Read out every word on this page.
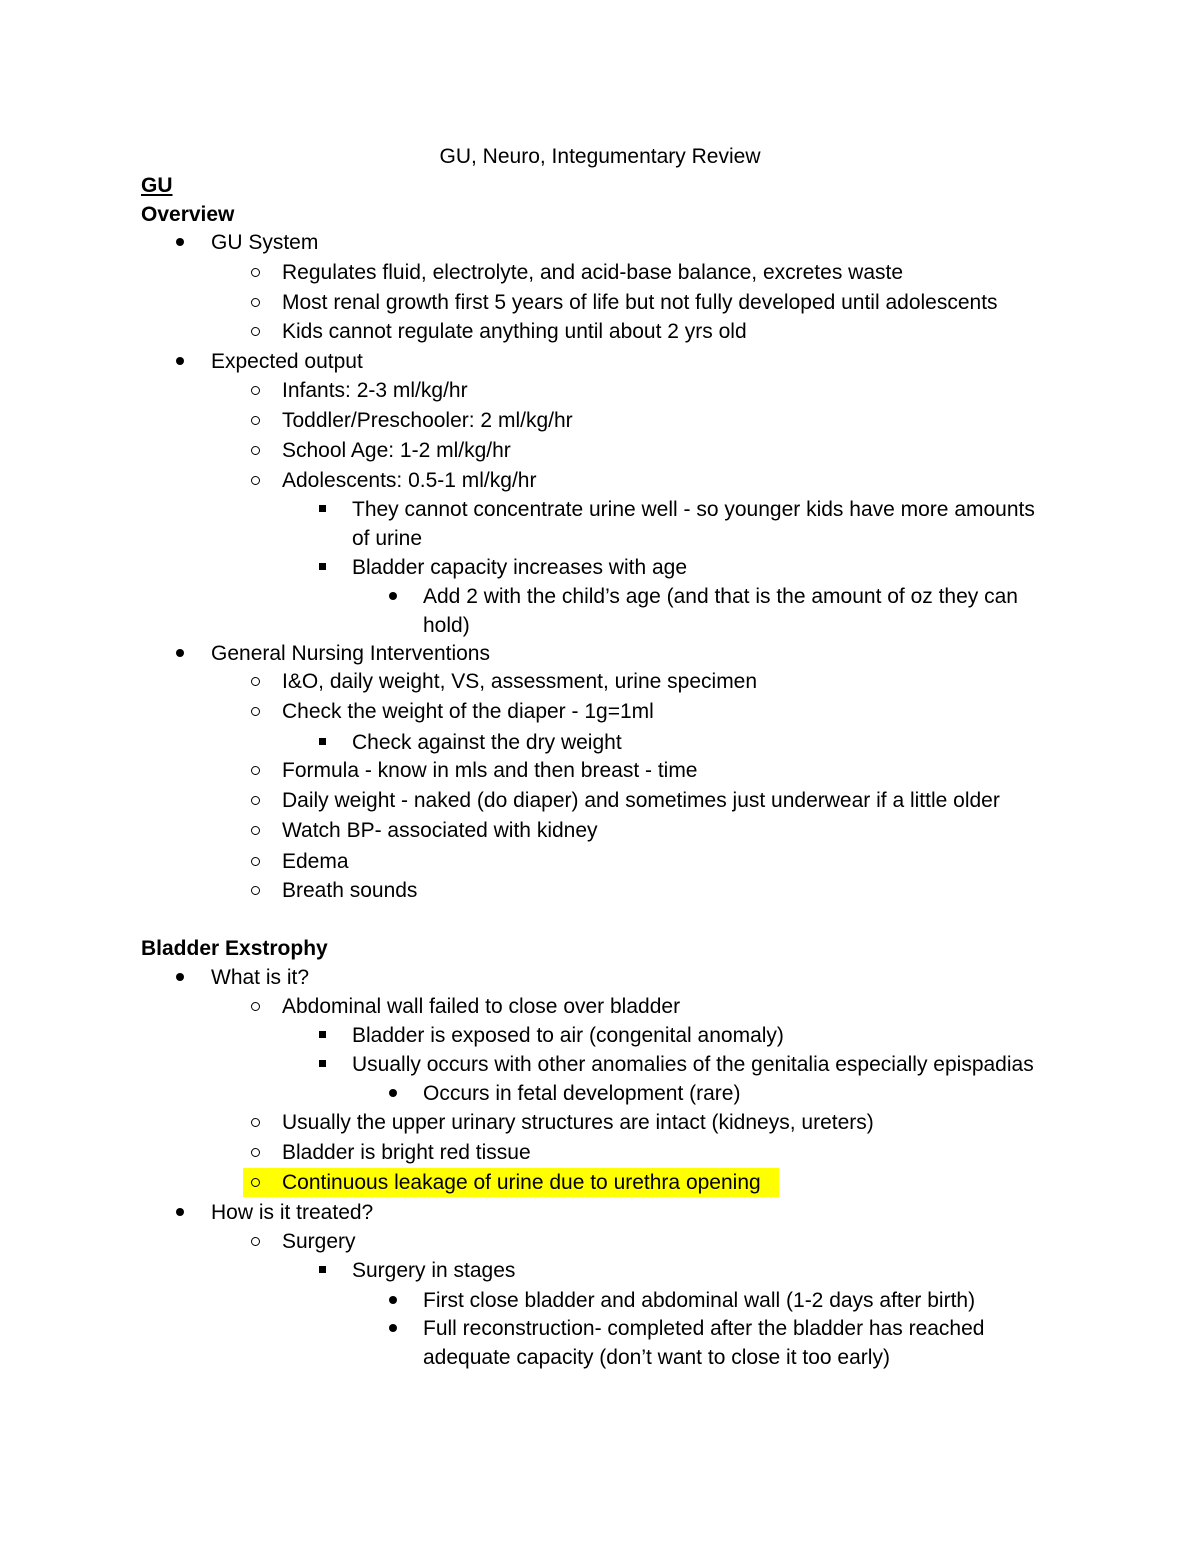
GU, Neuro, Integumentary Review
GU
Overview
GU System
Regulates fluid, electrolyte, and acid-base balance, excretes waste
Most renal growth first 5 years of life but not fully developed until adolescents
Kids cannot regulate anything until about 2 yrs old
Expected output
Infants: 2-3 ml/kg/hr
Toddler/Preschooler: 2 ml/kg/hr
School Age: 1-2 ml/kg/hr
Adolescents: 0.5-1 ml/kg/hr
They cannot concentrate urine well - so younger kids have more amounts
of urine
Bladder capacity increases with age
Add 2 with the child’s age (and that is the amount of oz they can
hold)
General Nursing Interventions
I&O, daily weight, VS, assessment, urine specimen
Check the weight of the diaper - 1g=1ml
Check against the dry weight
Formula - know in mls and then breast - time
Daily weight - naked (do diaper) and sometimes just underwear if a little older
Watch BP- associated with kidney
Edema
Breath sounds
Bladder Exstrophy
What is it?
Abdominal wall failed to close over bladder
Bladder is exposed to air (congenital anomaly)
Usually occurs with other anomalies of the genitalia especially epispadias
Occurs in fetal development (rare)
Usually the upper urinary structures are intact (kidneys, ureters)
Bladder is bright red tissue
Continuous leakage of urine due to urethra opening
How is it treated?
Surgery
Surgery in stages
First close bladder and abdominal wall (1-2 days after birth)
Full reconstruction- completed after the bladder has reached
adequate capacity (don’t want to close it too early)
